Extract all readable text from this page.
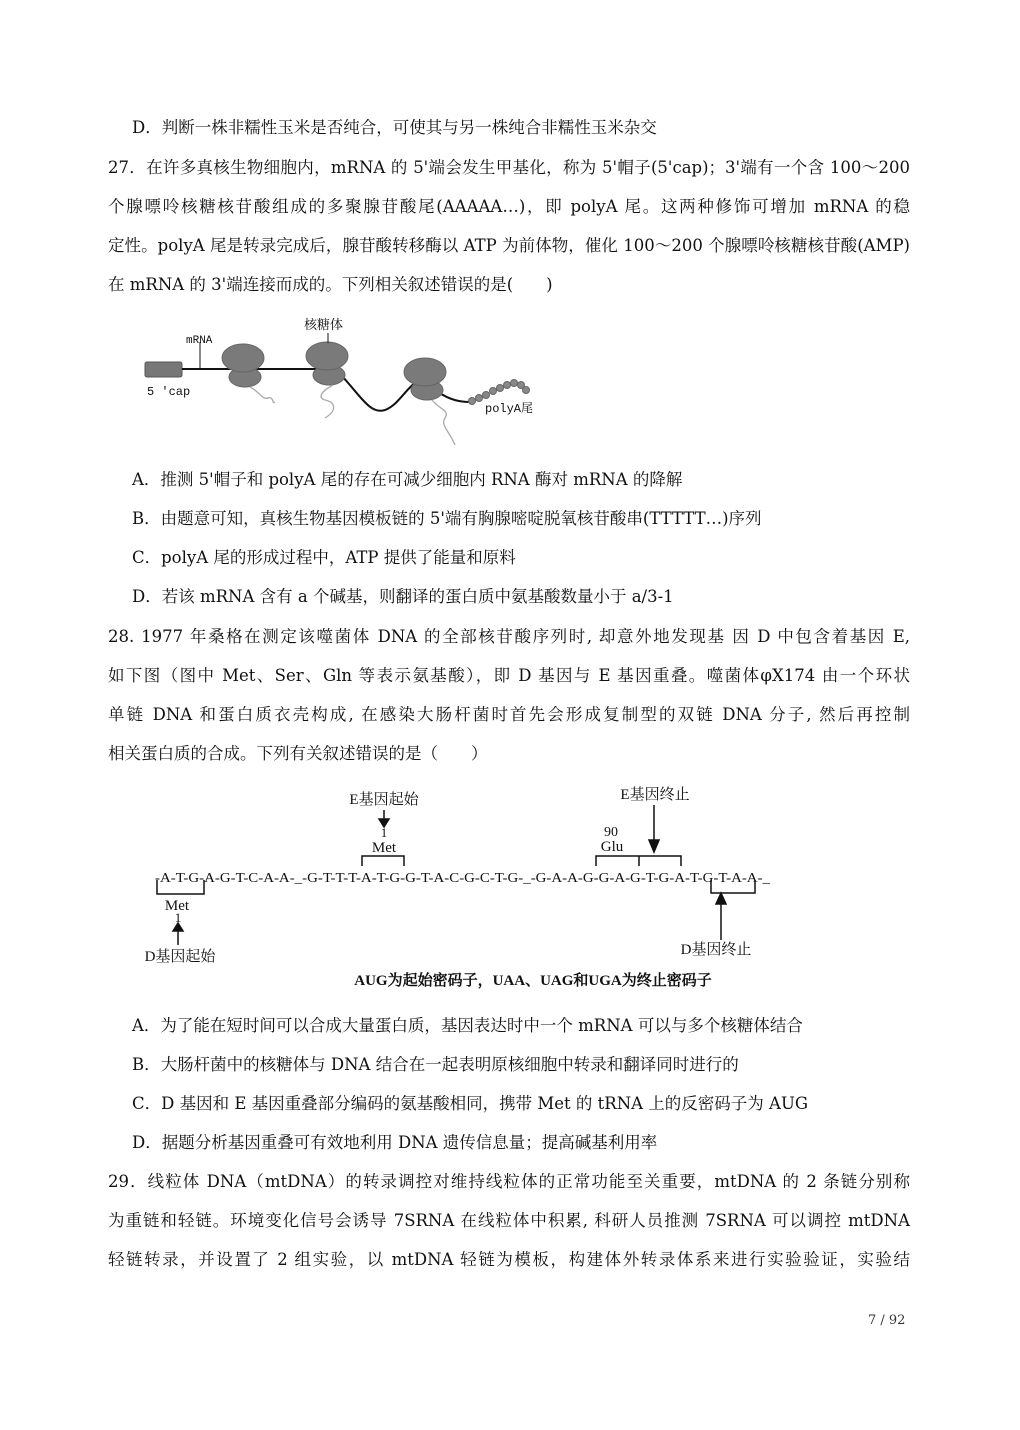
D．判断一株非糯性玉米是否纯合，可使其与另一株纯合非糯性玉米杂交
27．在许多真核生物细胞内，mRNA 的 5'端会发生甲基化，称为 5'帽子(5'cap)；3'端有一个含 100～200
个腺嘌呤核糖核苷酸组成的多聚腺苷酸尾(AAAAA…)，即 polyA 尾。这两种修饰可增加 mRNA 的稳
定性。polyA 尾是转录完成后，腺苷酸转移酶以 ATP 为前体物，催化 100～200 个腺嘌呤核糖核苷酸(AMP)
在 mRNA 的 3'端连接而成的。下列相关叙述错误的是(　　)
mRNA
核糖体
5 'cap
polyA尾
-A-T-G-A-G-T-C-A-A-_-G-T-T-T-A-T-G-G-T-A-C-G-C-T-G-_-G-A-A-G-G-A-G-T-G-A-T-G-T-A-A-_
E基因起始
1
Met
90
Glu
E基因终止
Met
1
D基因起始	D基因终止
AUG为起始密码子，UAA、UAG和UGA为终止密码子
A．推测 5'帽子和 polyA 尾的存在可减少细胞内 RNA 酶对 mRNA 的降解
B．由题意可知，真核生物基因模板链的 5'端有胸腺嘧啶脱氧核苷酸串(TTTTT…)序列
C．polyA 尾的形成过程中，ATP 提供了能量和原料
D．若该 mRNA 含有 a 个碱基，则翻译的蛋白质中氨基酸数量小于 a/3-1
28. 1977 年桑格在测定该噬菌体 DNA 的全部核苷酸序列时, 却意外地发现基 因 D 中包含着基因 E,
如下图（图中 Met、Ser、Gln 等表示氨基酸），即 D 基因与 E 基因重叠。噬菌体φX174 由一个环状
单链 DNA 和蛋白质衣壳构成, 在感染大肠杆菌时首先会形成复制型的双链 DNA 分子, 然后再控制
相关蛋白质的合成。下列有关叙述错误的是（　　）
A．为了能在短时间可以合成大量蛋白质，基因表达时中一个 mRNA 可以与多个核糖体结合
B．大肠杆菌中的核糖体与 DNA 结合在一起表明原核细胞中转录和翻译同时进行的
C．D 基因和 E 基因重叠部分编码的氨基酸相同，携带 Met 的 tRNA 上的反密码子为 AUG
D．据题分析基因重叠可有效地利用 DNA 遗传信息量；提高碱基利用率
29．线粒体 DNA（mtDNA）的转录调控对维持线粒体的正常功能至关重要，mtDNA 的 2 条链分别称
为重链和轻链。环境变化信号会诱导 7SRNA 在线粒体中积累, 科研人员推测 7SRNA 可以调控 mtDNA
轻链转录，并设置了 2 组实验，以 mtDNA 轻链为模板，构建体外转录体系来进行实验验证，实验结
7 / 92
